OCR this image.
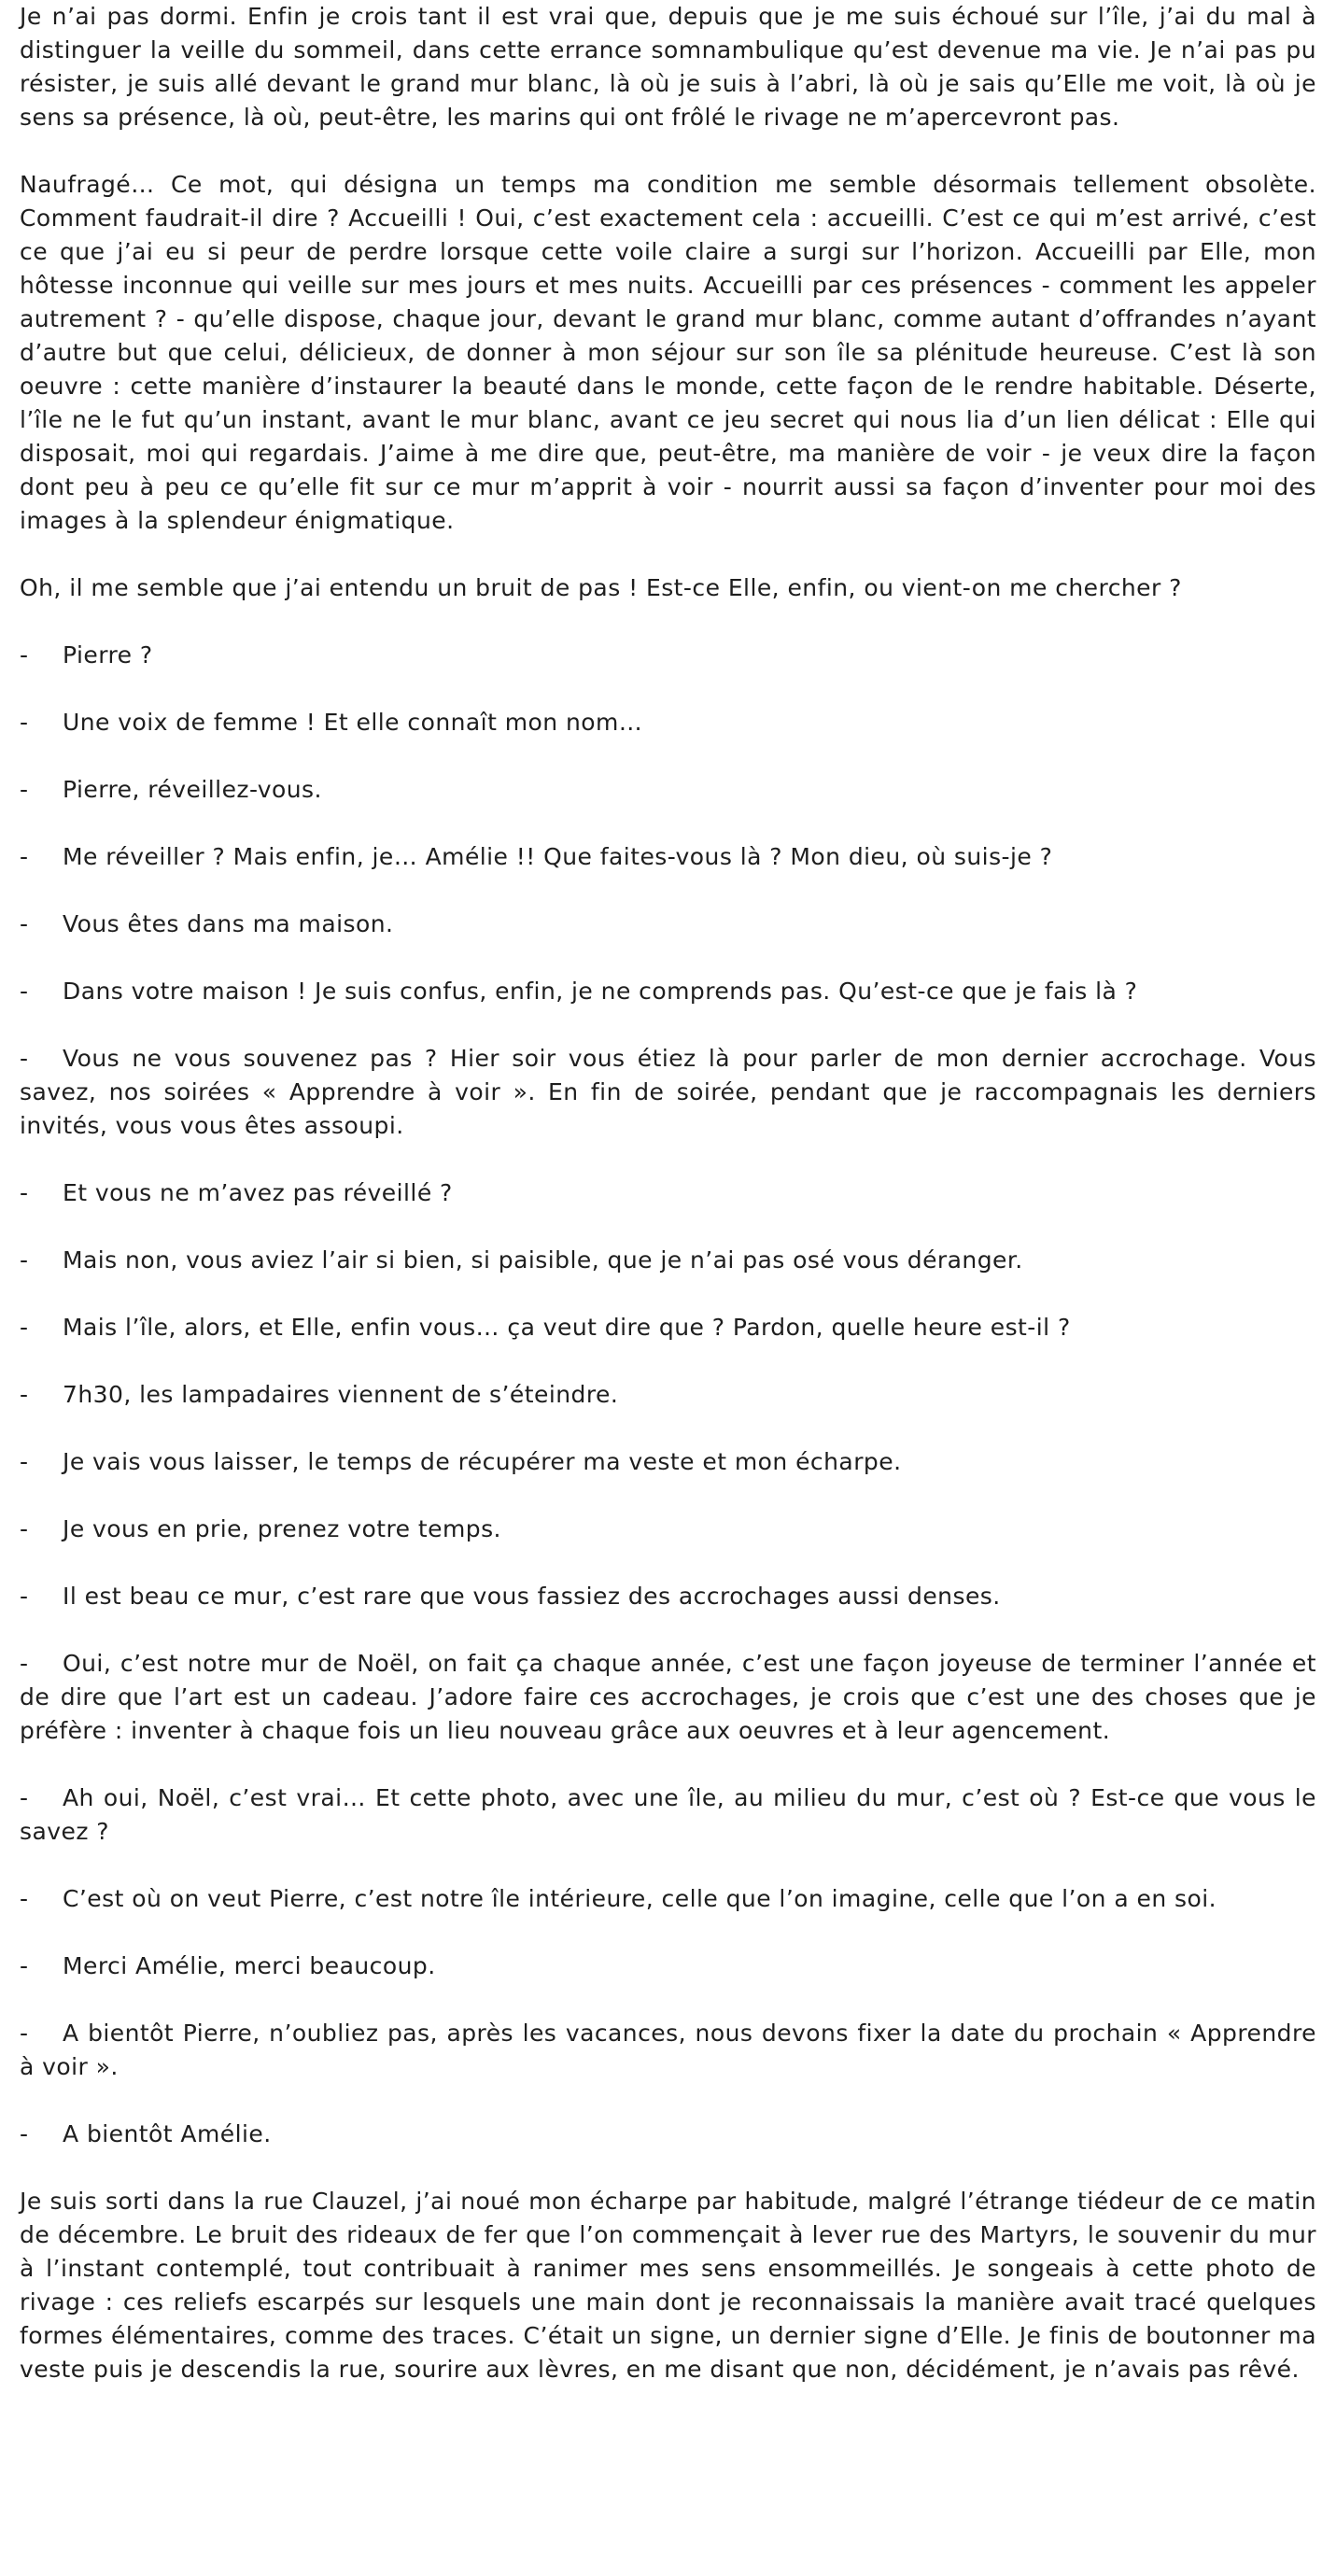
Je n’ai pas dormi. Enfin je crois tant il est vrai que, depuis que je me suis échoué sur l’île, j’ai du mal à distinguer la veille du sommeil, dans cette errance somnambulique qu’est devenue ma vie. Je n’ai pas pu résister, je suis allé devant le grand mur blanc, là où je suis à l’abri, là où je sais qu’Elle me voit, là où je sens sa présence, là où, peut-être, les marins qui ont frôlé le rivage ne m’apercevront pas.

Naufragé… Ce mot, qui désigna un temps ma condition me semble désormais tellement obsolète. Comment faudrait-il dire ? Accueilli ! Oui, c’est exactement cela : accueilli. C’est ce qui m’est arrivé, c’est ce que j’ai eu si peur de perdre lorsque cette voile claire a surgi sur l’horizon. Accueilli par Elle, mon hôtesse inconnue qui veille sur mes jours et mes nuits. Accueilli par ces présences - comment les appeler autrement ? - qu’elle dispose, chaque jour, devant le grand mur blanc, comme autant d’offrandes n’ayant d’autre but que celui, délicieux, de donner à mon séjour sur son île sa plénitude heureuse. C’est là son oeuvre : cette manière d’instaurer la beauté dans le monde, cette façon de le rendre habitable. Déserte, l’île ne le fut qu’un instant, avant le mur blanc, avant ce jeu secret qui nous lia d’un lien délicat : Elle qui disposait, moi qui regardais. J’aime à me dire que, peut-être, ma manière de voir - je veux dire la façon dont peu à peu ce qu’elle fit sur ce mur m’apprit à voir - nourrit aussi sa façon d’inventer pour moi des images à la splendeur énigmatique.

Oh, il me semble que j’ai entendu un bruit de pas ! Est-ce Elle, enfin, ou vient-on me chercher ?

- Pierre ?

- Une voix de femme ! Et elle connaît mon nom…

- Pierre, réveillez-vous.

- Me réveiller ? Mais enfin, je… Amélie !! Que faites-vous là ? Mon dieu, où suis-je ?

- Vous êtes dans ma maison.

- Dans votre maison ! Je suis confus, enfin, je ne comprends pas. Qu’est-ce que je fais là ?

- Vous ne vous souvenez pas ? Hier soir vous étiez là pour parler de mon dernier accrochage. Vous savez, nos soirées « Apprendre à voir ». En fin de soirée, pendant que je raccompagnais les derniers invités, vous vous êtes assoupi.

- Et vous ne m’avez pas réveillé ?

- Mais non, vous aviez l’air si bien, si paisible, que je n’ai pas osé vous déranger.

- Mais l’île, alors, et Elle, enfin vous… ça veut dire que ? Pardon, quelle heure est-il ?

- 7h30, les lampadaires viennent de s’éteindre.

- Je vais vous laisser, le temps de récupérer ma veste et mon écharpe.

- Je vous en prie, prenez votre temps.

- Il est beau ce mur, c’est rare que vous fassiez des accrochages aussi denses.

- Oui, c’est notre mur de Noël, on fait ça chaque année, c’est une façon joyeuse de terminer l’année et de dire que l’art est un cadeau. J’adore faire ces accrochages, je crois que c’est une des choses que je préfère : inventer à chaque fois un lieu nouveau grâce aux oeuvres et à leur agencement.

- Ah oui, Noël, c’est vrai… Et cette photo, avec une île, au milieu du mur, c’est où ? Est-ce que vous le savez ?

- C’est où on veut Pierre, c’est notre île intérieure, celle que l’on imagine, celle que l’on a en soi.

- Merci Amélie, merci beaucoup.

- A bientôt Pierre, n’oubliez pas, après les vacances, nous devons fixer la date du prochain « Apprendre à voir ».

- A bientôt Amélie.

Je suis sorti dans la rue Clauzel, j’ai noué mon écharpe par habitude, malgré l’étrange tiédeur de ce matin de décembre. Le bruit des rideaux de fer que l’on commençait à lever rue des Martyrs, le souvenir du mur à l’instant contemplé, tout contribuait à ranimer mes sens ensommeillés. Je songeais à cette photo de rivage : ces reliefs escarpés sur lesquels une main dont je reconnaissais la manière avait tracé quelques formes élémentaires, comme des traces. C’était un signe, un dernier signe d’Elle. Je finis de boutonner ma veste puis je descendis la rue, sourire aux lèvres, en me disant que non, décidément, je n’avais pas rêvé.
